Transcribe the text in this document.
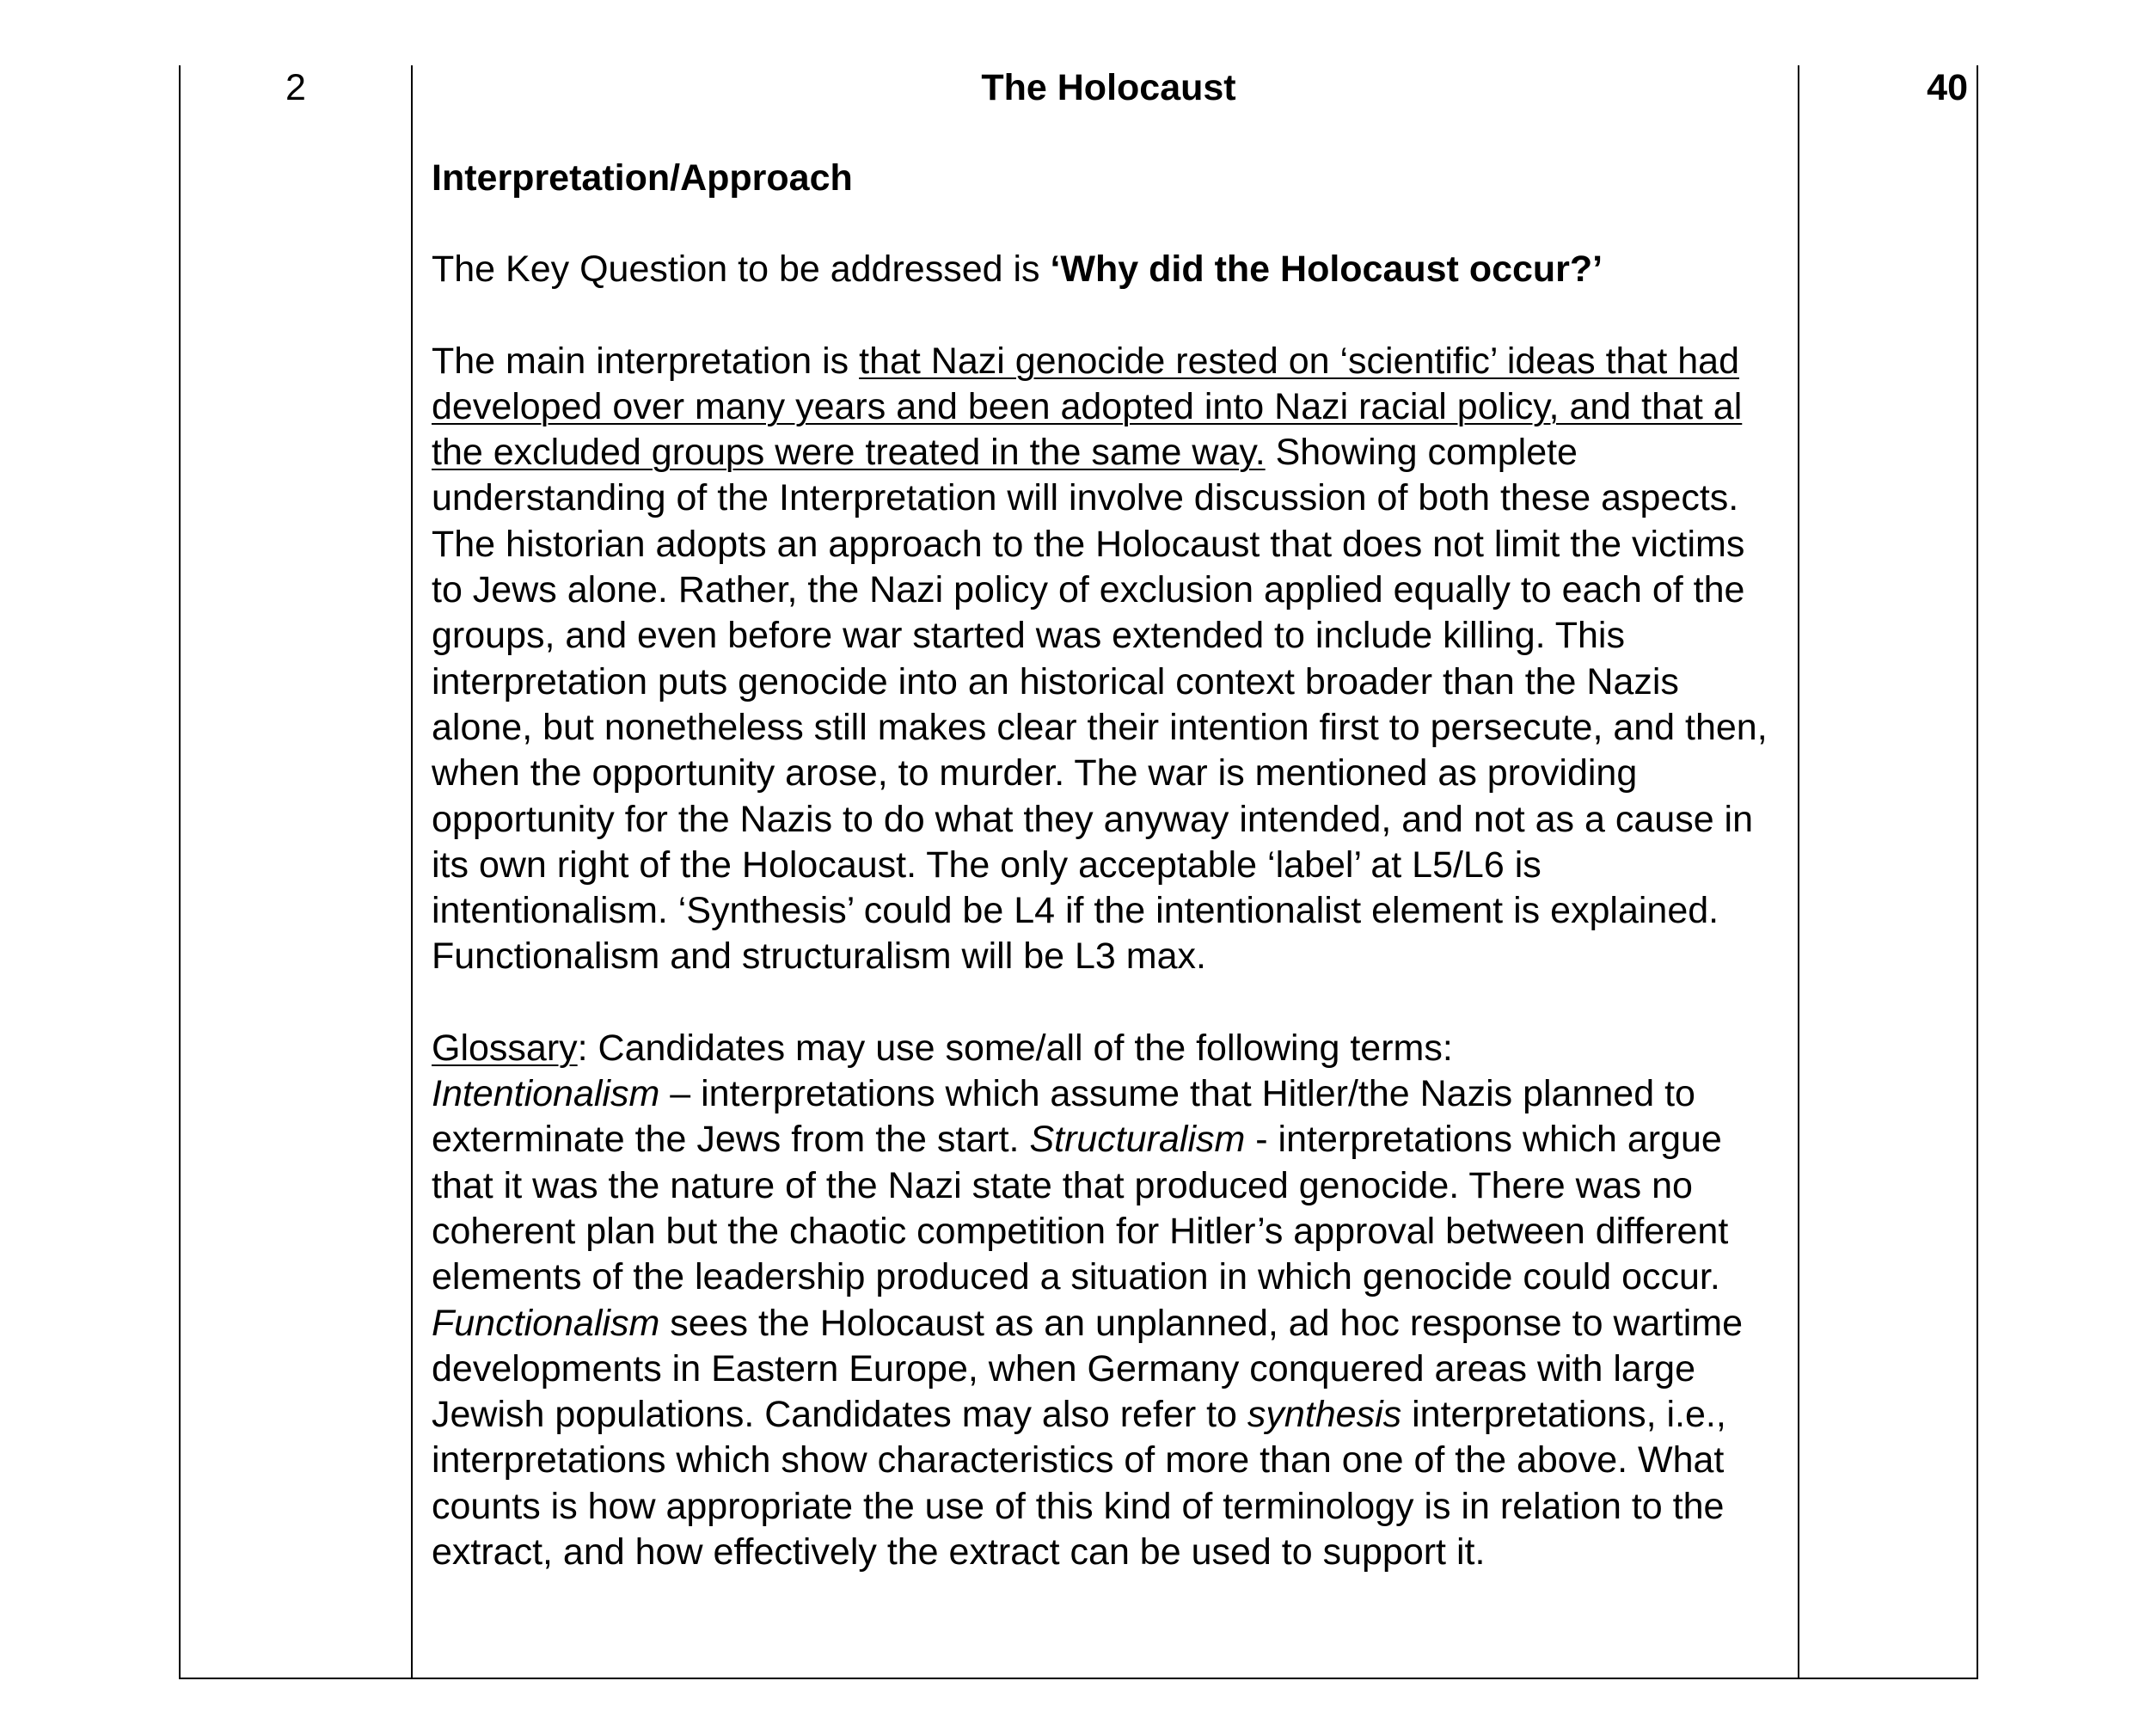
2	The Holocaust

Interpretation/Approach

The Key Question to be addressed is ‘Why did the Holocaust occur?’

The main interpretation is that Nazi genocide rested on ‘scientific’ ideas that had developed over many years and been adopted into Nazi racial policy, and that al the excluded groups were treated in the same way. Showing complete understanding of the Interpretation will involve discussion of both these aspects. The historian adopts an approach to the Holocaust that does not limit the victims to Jews alone. Rather, the Nazi policy of exclusion applied equally to each of the groups, and even before war started was extended to include killing. This interpretation puts genocide into an historical context broader than the Nazis alone, but nonetheless still makes clear their intention first to persecute, and then, when the opportunity arose, to murder. The war is mentioned as providing opportunity for the Nazis to do what they anyway intended, and not as a cause in its own right of the Holocaust. The only acceptable ‘label’ at L5/L6 is intentionalism. ‘Synthesis’ could be L4 if the intentionalist element is explained. Functionalism and structuralism will be L3 max.

Glossary: Candidates may use some/all of the following terms:
Intentionalism – interpretations which assume that Hitler/the Nazis planned to exterminate the Jews from the start. Structuralism - interpretations which argue that it was the nature of the Nazi state that produced genocide. There was no coherent plan but the chaotic competition for Hitler’s approval between different elements of the leadership produced a situation in which genocide could occur. Functionalism sees the Holocaust as an unplanned, ad hoc response to wartime developments in Eastern Europe, when Germany conquered areas with large Jewish populations. Candidates may also refer to synthesis interpretations, i.e., interpretations which show characteristics of more than one of the above. What counts is how appropriate the use of this kind of terminology is in relation to the extract, and how effectively the extract can be used to support it.

40
